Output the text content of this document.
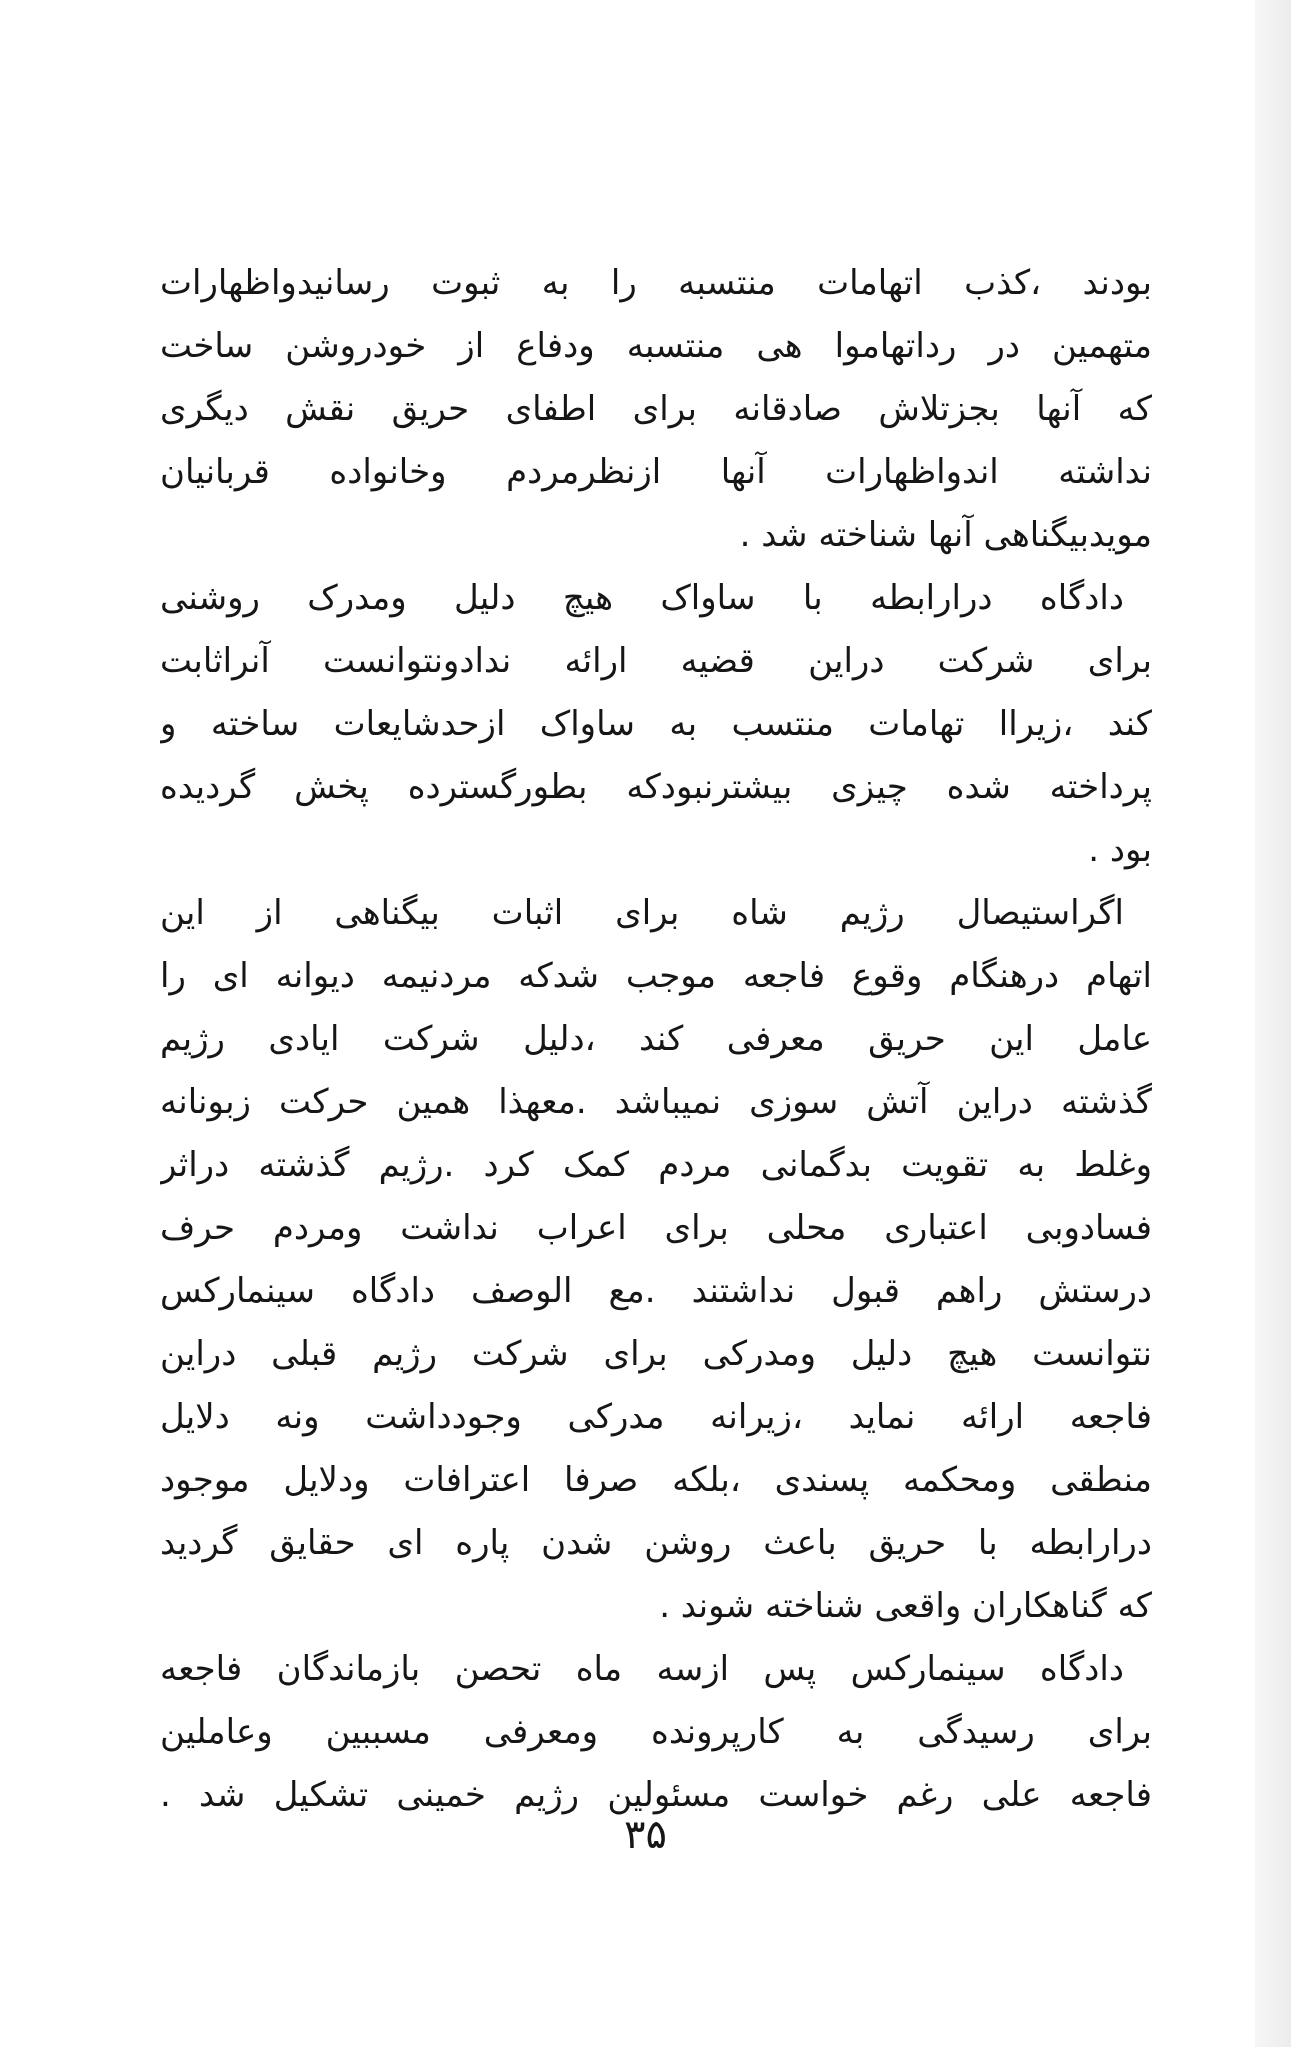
بودند ،کذب اتهامات منتسبه را به ثبوت رسانیدواظهارات
متهمین در رداتهاموا هی منتسبه ودفاع از خودروشن ساخت
که آنها بجزتلاش صادقانه برای اطفای حریق نقش دیگری
نداشته اندواظهارات آنها ازنظرمردم وخانواده قربانیان
مویدبیگناهی آنها شناخته شد .
دادگاه درارابطه با ساواک هیچ دلیل ومدرک روشنی
برای شرکت دراین قضیه ارائه ندادونتوانست آنراثابت
کند ،زیراا تهامات منتسب به ساواک ازحدشایعات ساخته و
پرداخته شده چیزی بیشترنبودکه بطورگسترده پخش گردیده
بود .
اگراستیصال رژیم شاه برای اثبات بیگناهی از این
اتهام درهنگام وقوع فاجعه موجب شدکه مردنیمه دیوانه ای را
عامل این حریق معرفی کند ،دلیل شرکت ایادی رژیم
گذشته دراین آتش سوزی نمیباشد .معهذا همین حرکت زبونانه
وغلط به تقویت بدگمانی مردم کمک کرد .رژیم گذشته دراثر
فسادوبی اعتباری محلی برای اعراب نداشت ومردم حرف
درستش راهم قبول نداشتند .مع الوصف دادگاه سینمارکس
نتوانست هیچ دلیل ومدرکی برای شرکت رژیم قبلی دراین
فاجعه ارائه نماید ،زیرانه مدرکی وجودداشت ونه دلایل
منطقی ومحکمه پسندی ،بلکه صرفا اعترافات ودلایل موجود
درارابطه با حریق باعث روشن شدن پاره ای حقایق گردید
که گناهکاران واقعی شناخته شوند .
دادگاه سینمارکس پس ازسه ماه تحصن بازماندگان فاجعه
برای رسیدگی به کارپرونده ومعرفی مسببین وعاملین
فاجعه علی رغم خواست مسئولین رژیم خمینی تشکیل شد .
۳۵
